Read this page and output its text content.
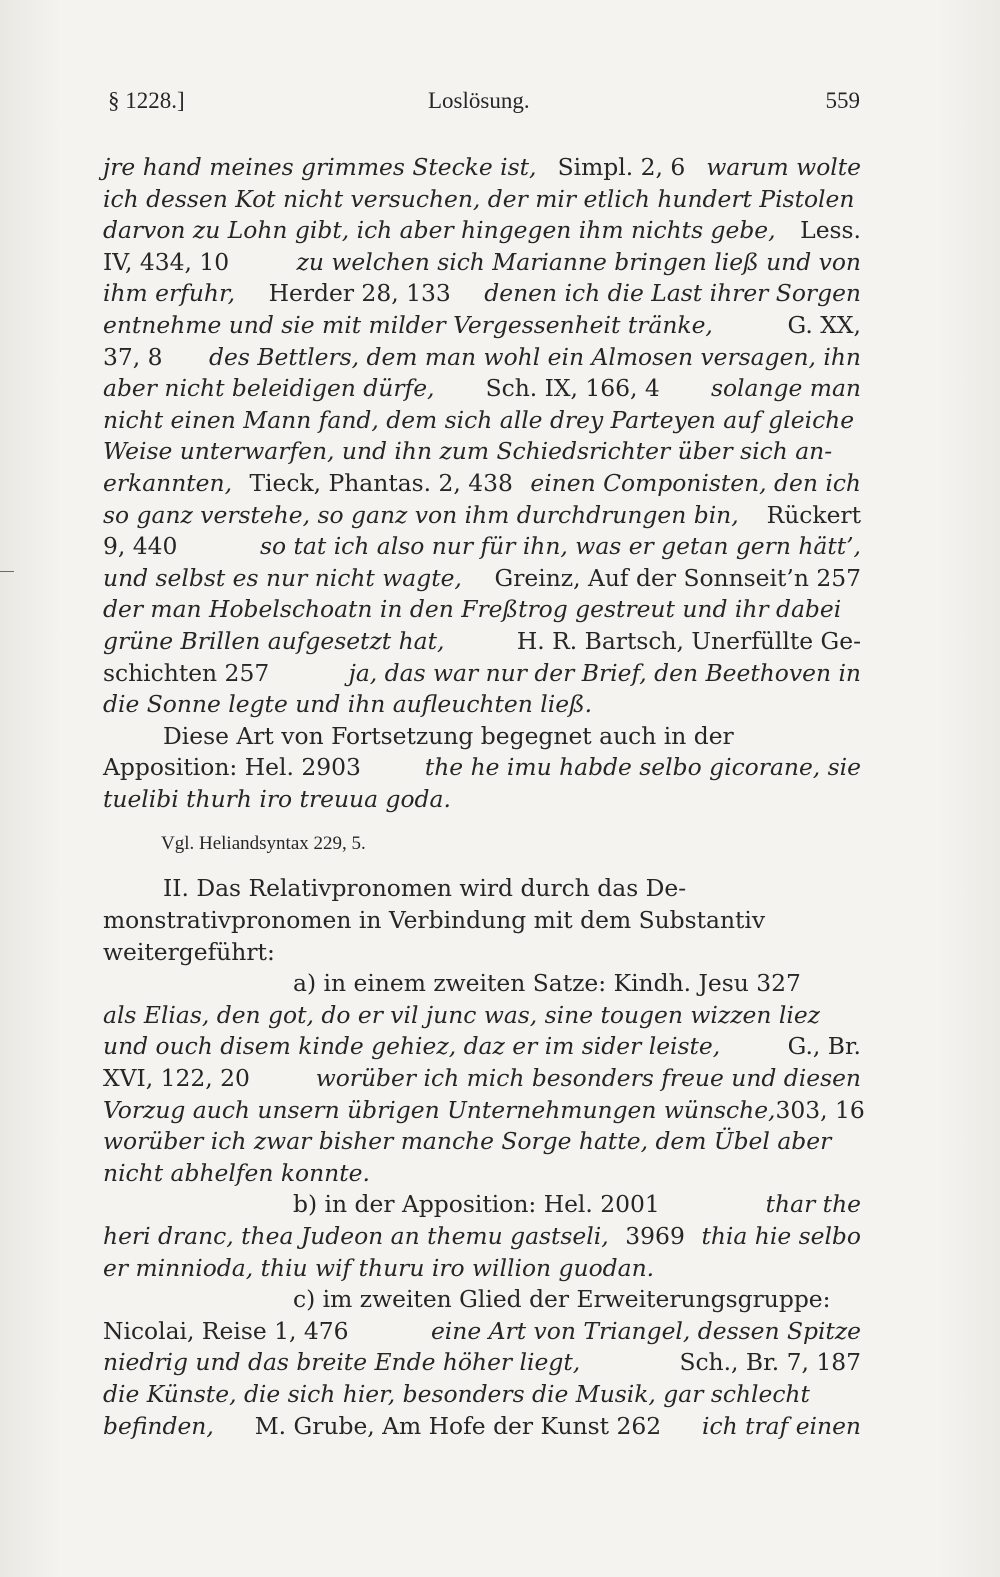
§ 1228.]	Loslösung.	559
jre hand meines grimmes Stecke ist, Simpl. 2, 6 warum wolte
ich dessen Kot nicht versuchen, der mir etlich hundert Pistolen
darvon zu Lohn gibt, ich aber hingegen ihm nichts gebe, Less.
IV, 434, 10	zu welchen sich Marianne bringen ließ und von
ihm erfuhr, Herder 28, 133 denen ich die Last ihrer Sorgen
entnehme und sie mit milder Vergessenheit tränke,	G. XX,
37, 8 des Bettlers, dem man wohl ein Almosen versagen, ihn
aber nicht beleidigen dürfe, Sch. IX, 166, 4 solange man
nicht einen Mann fand, dem sich alle drey Parteyen auf gleiche
Weise unterwarfen, und ihn zum Schiedsrichter über sich an-
erkannten, Tieck, Phantas. 2, 438 einen Componisten, den ich
so ganz verstehe, so ganz von ihm durchdrungen bin, Rückert
9, 440	so tat ich also nur für ihn, was er getan gern hätt’,
und selbst es nur nicht wagte, Greinz, Auf der Sonnseit’n 257
der man Hobelschoatn in den Freßtrog gestreut und ihr dabei
grüne Brillen aufgesetzt hat,	H. R. Bartsch, Unerfüllte Ge-
schichten 257	ja, das war nur der Brief, den Beethoven in
die Sonne legte und ihn aufleuchten ließ.
Diese Art von Fortsetzung begegnet auch in der
Apposition: Hel. 2903	the he imu habde selbo gicorane, sie
tuelibi thurh iro treuua goda.
Vgl. Heliandsyntax 229, 5.
II. Das Relativpronomen wird durch das De-
monstrativpronomen in Verbindung mit dem Substantiv
weitergeführt:
a) in einem zweiten Satze: Kindh. Jesu 327
als Elias, den got, do er vil junc was, sine tougen wizzen liez
und ouch disem kinde gehiez, daz er im sider leiste,	G., Br.
XVI, 122, 20	worüber ich mich besonders freue und diesen
Vorzug auch unsern übrigen Unternehmungen wünsche, 303, 16
worüber ich zwar bisher manche Sorge hatte, dem Übel aber
nicht abhelfen konnte.
b) in der Apposition: Hel. 2001	thar the
heri dranc, thea Judeon an themu gastseli, 3969 thia hie selbo
er minnioda, thiu wif thuru iro willion guodan.
c) im zweiten Glied der Erweiterungsgruppe:
Nicolai, Reise 1, 476	eine Art von Triangel, dessen Spitze
niedrig und das breite Ende höher liegt,	Sch., Br. 7, 187
die Künste, die sich hier, besonders die Musik, gar schlecht
befinden, M. Grube, Am Hofe der Kunst 262 ich traf einen
